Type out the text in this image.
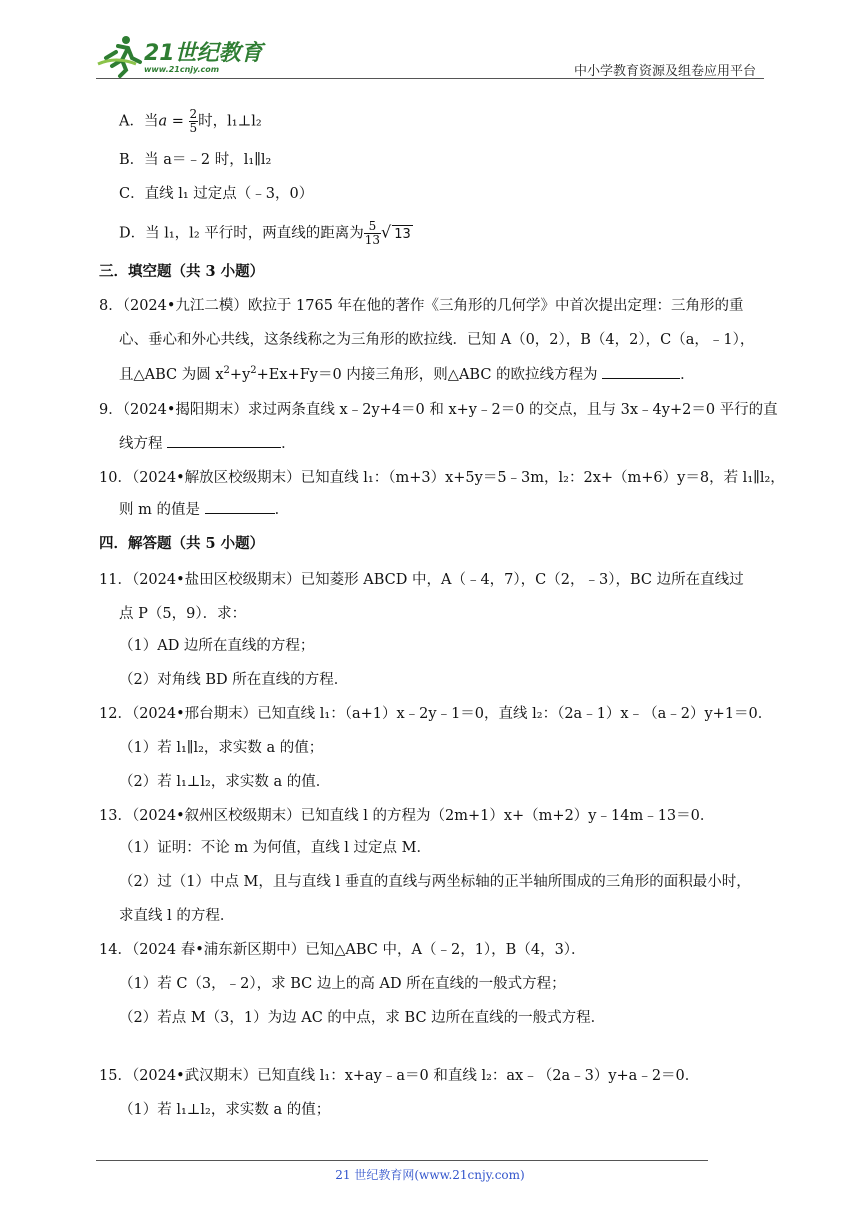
21世纪教育
www.21cnjy.com	中小学教育资源及组卷应用平台
A．当$a = \frac{2}{5}$ 时，l₁⊥l₂
B．当 a＝﹣2 时，l₁∥l₂
C．直线 l₁ 过定点（﹣3，0）
D．当 l₁，l₂ 平行时，两直线的距离为 $\frac{5}{13}$ √ 13
三．填空题（共 3 小题）
8．（2024•九江二模）欧拉于 1765 年在他的著作《三角形的几何学》中首次提出定理：三角形的重
心、垂心和外心共线，这条线称之为三角形的欧拉线．已知 A（0，2），B（4，2），C（a，﹣1），
且△ABC 为圆 $x^2+y^2+Ex+Fy=0$ 内接三角形，则△ABC 的欧拉线方程为	．
9．（2024•揭阳期末）求过两条直线 x﹣2y+4＝0 和 x+y﹣2＝0 的交点，且与 3x﹣4y+2＝0 平行的直
线方程	．
10．（2024•解放区校级期末）已知直线 l₁：（m+3）x+5y＝5﹣3m，l₂：2x+（m+6）y＝8，若 l₁∥l₂，
则 m 的值是	．
四．解答题（共 5 小题）
11．（2024•盐田区校级期末）已知菱形 ABCD 中，A（﹣4，7），C（2，﹣3），BC 边所在直线过
点 P（5，9）．求：
（1）AD 边所在直线的方程；
（2）对角线 BD 所在直线的方程．
12．（2024•邢台期末）已知直线 l₁：（a+1）x﹣2y﹣1＝0，直线 l₂：（2a﹣1）x﹣（a﹣2）y+1＝0．
（1）若 l₁∥l₂，求实数 a 的值；
（2）若 l₁⊥l₂，求实数 a 的值．
13．（2024•叙州区校级期末）已知直线 l 的方程为（2m+1）x+（m+2）y﹣14m﹣13＝0．
（1）证明：不论 m 为何值，直线 l 过定点 M．
（2）过（1）中点 M，且与直线 l 垂直的直线与两坐标轴的正半轴所围成的三角形的面积最小时，
求直线 l 的方程．
14．（2024 春•浦东新区期中）已知△ABC 中，A（﹣2，1），B（4，3）．
（1）若 C（3，﹣2），求 BC 边上的高 AD 所在直线的一般式方程；
（2）若点 M（3，1）为边 AC 的中点，求 BC 边所在直线的一般式方程．
15．（2024•武汉期末）已知直线 l₁：x+ay﹣a＝0 和直线 l₂：ax﹣（2a﹣3）y+a﹣2＝0．
（1）若 l₁⊥l₂，求实数 a 的值；
21 世纪教育网(www.21cnjy.com)
